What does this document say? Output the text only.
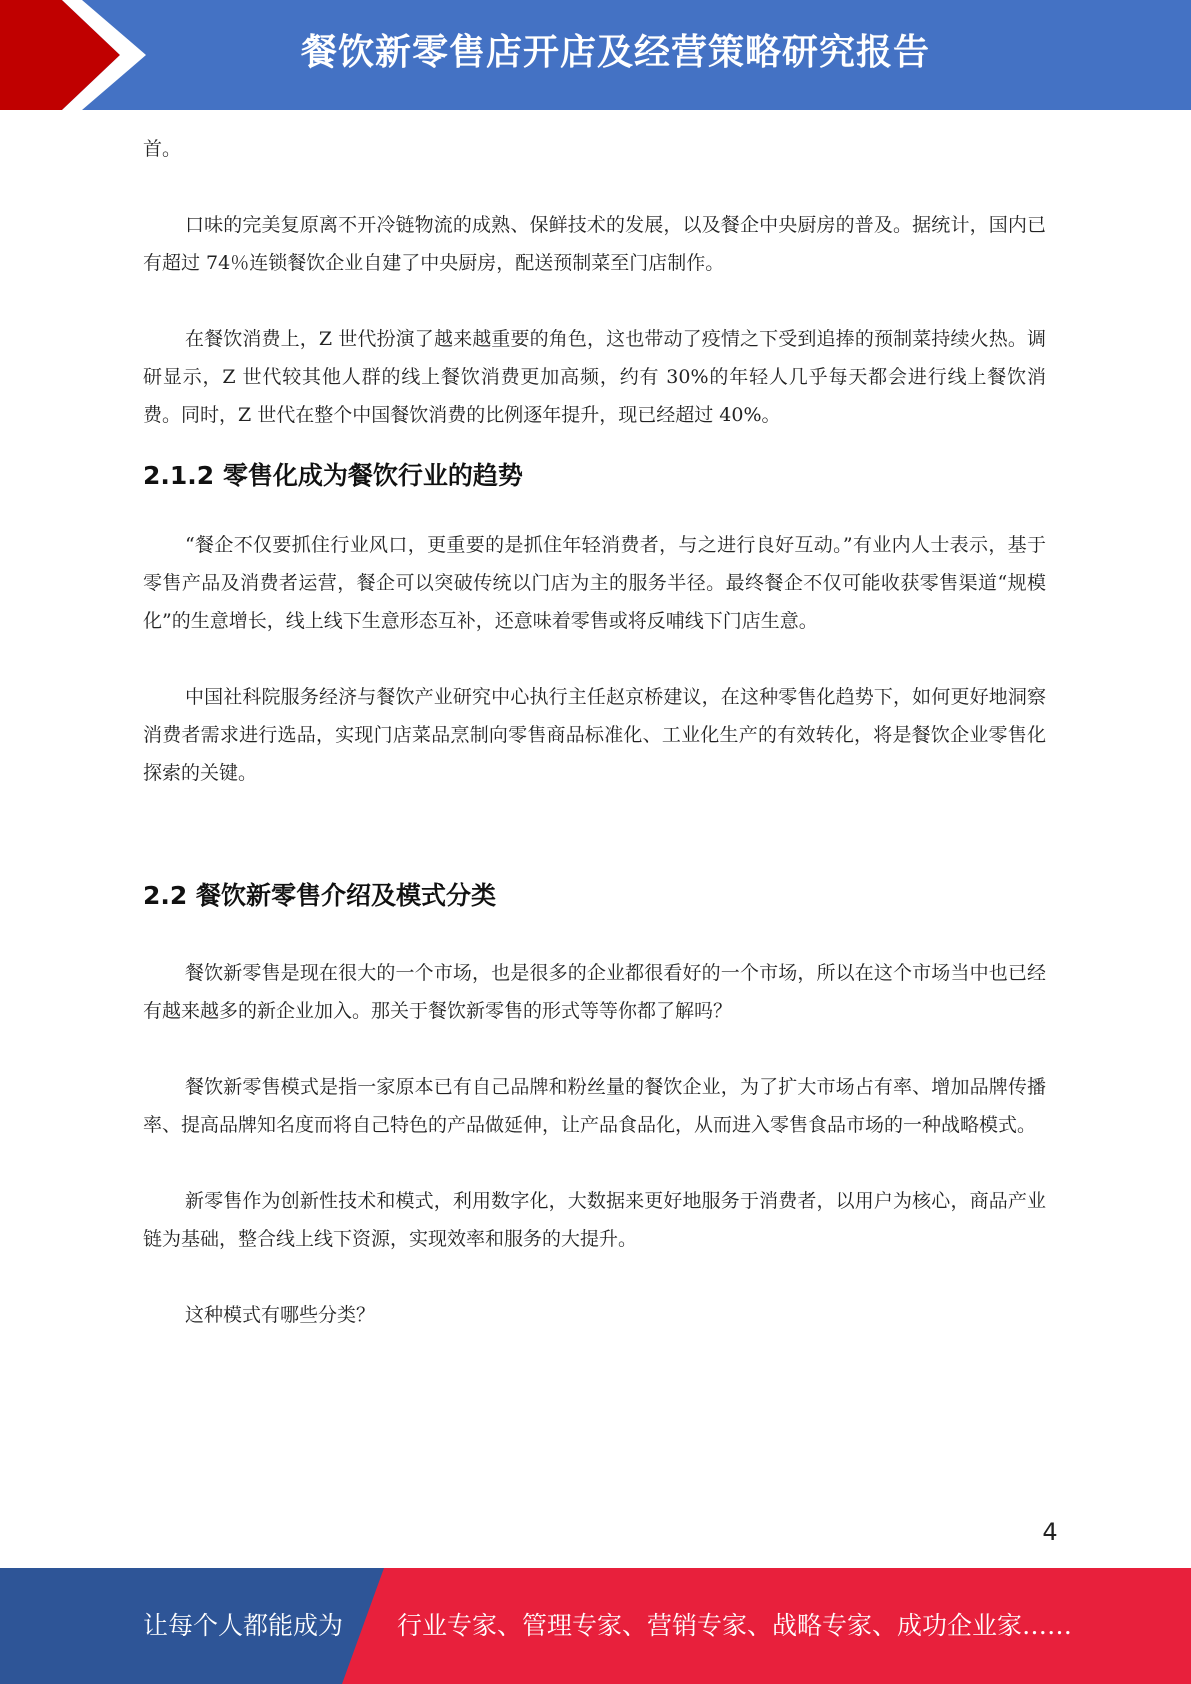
餐饮新零售店开店及经营策略研究报告

首。

口味的完美复原离不开冷链物流的成熟、保鲜技术的发展，以及餐企中央厨房的普及。据统计，国内已有超过 74％连锁餐饮企业自建了中央厨房，配送预制菜至门店制作。

在餐饮消费上，Z 世代扮演了越来越重要的角色，这也带动了疫情之下受到追捧的预制菜持续火热。调研显示，Z 世代较其他人群的线上餐饮消费更加高频，约有 30%的年轻人几乎每天都会进行线上餐饮消费。同时，Z 世代在整个中国餐饮消费的比例逐年提升，现已经超过 40%。

2.1.2 零售化成为餐饮行业的趋势

“餐企不仅要抓住行业风口，更重要的是抓住年轻消费者，与之进行良好互动。”有业内人士表示，基于零售产品及消费者运营，餐企可以突破传统以门店为主的服务半径。最终餐企不仅可能收获零售渠道“规模化”的生意增长，线上线下生意形态互补，还意味着零售或将反哺线下门店生意。

中国社科院服务经济与餐饮产业研究中心执行主任赵京桥建议，在这种零售化趋势下，如何更好地洞察消费者需求进行选品，实现门店菜品烹制向零售商品标准化、工业化生产的有效转化，将是餐饮企业零售化探索的关键。

2.2 餐饮新零售介绍及模式分类

餐饮新零售是现在很大的一个市场，也是很多的企业都很看好的一个市场，所以在这个市场当中也已经有越来越多的新企业加入。那关于餐饮新零售的形式等等你都了解吗？

餐饮新零售模式是指一家原本已有自己品牌和粉丝量的餐饮企业，为了扩大市场占有率、增加品牌传播率、提高品牌知名度而将自己特色的产品做延伸，让产品食品化，从而进入零售食品市场的一种战略模式。

新零售作为创新性技术和模式，利用数字化，大数据来更好地服务于消费者，以用户为核心，商品产业链为基础，整合线上线下资源，实现效率和服务的大提升。

这种模式有哪些分类？

4
让每个人都能成为 行业专家、管理专家、营销专家、战略专家、成功企业家……
